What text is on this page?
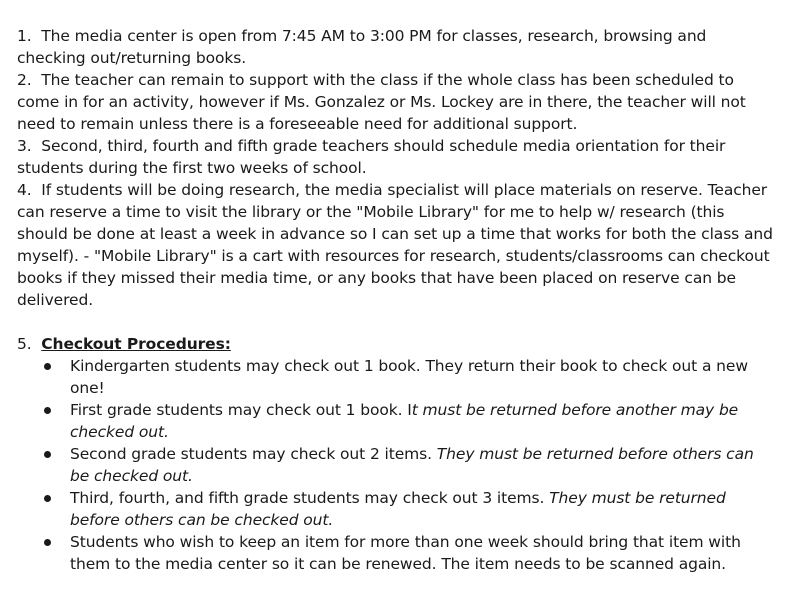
1. The media center is open from 7:45 AM to 3:00 PM for classes, research, browsing and checking out/returning books.

2. The teacher can remain to support with the class if the whole class has been scheduled to come in for an activity, however if Ms. Gonzalez or Ms. Lockey are in there, the teacher will not need to remain unless there is a foreseeable need for additional support.

3. Second, third, fourth and fifth grade teachers should schedule media orientation for their students during the first two weeks of school.

4. If students will be doing research, the media specialist will place materials on reserve. Teacher can reserve a time to visit the library or the "Mobile Library" for me to help w/ research (this should be done at least a week in advance so I can set up a time that works for both the class and myself). - "Mobile Library" is a cart with resources for research, students/classrooms can checkout books if they missed their media time, or any books that have been placed on reserve can be delivered.

5. Checkout Procedures:

Kindergarten students may check out 1 book. They return their book to check out a new one!
First grade students may check out 1 book. It must be returned before another may be checked out.
Second grade students may check out 2 items. They must be returned before others can be checked out.
Third, fourth, and fifth grade students may check out 3 items. They must be returned before others can be checked out.
Students who wish to keep an item for more than one week should bring that item with them to the media center so it can be renewed. The item needs to be scanned again.
